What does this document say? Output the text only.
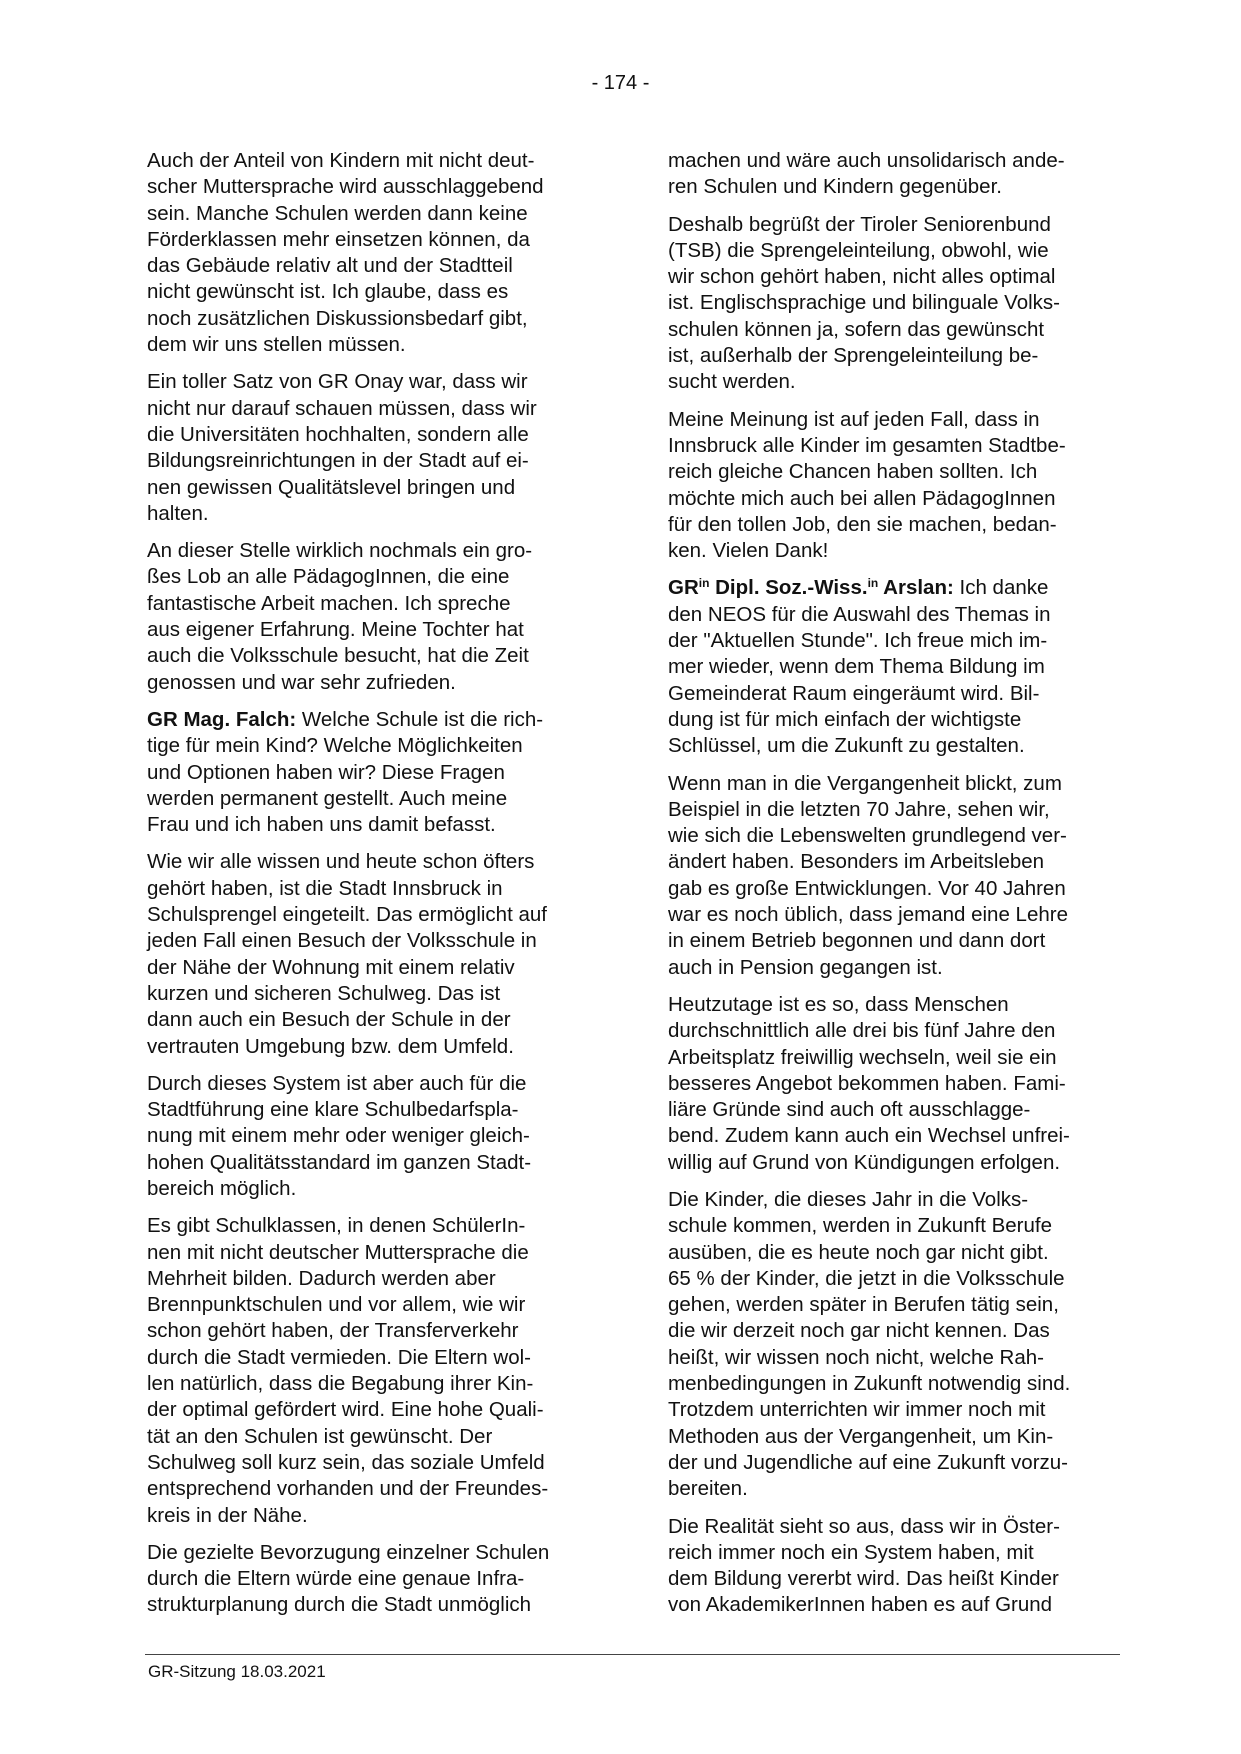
- 174 -

Auch der Anteil von Kindern mit nicht deut-
scher Muttersprache wird ausschlaggebend
sein. Manche Schulen werden dann keine
Förderklassen mehr einsetzen können, da
das Gebäude relativ alt und der Stadtteil
nicht gewünscht ist. Ich glaube, dass es
noch zusätzlichen Diskussionsbedarf gibt,
dem wir uns stellen müssen.

Ein toller Satz von GR Onay war, dass wir
nicht nur darauf schauen müssen, dass wir
die Universitäten hochhalten, sondern alle
Bildungsreinrichtungen in der Stadt auf ei-
nen gewissen Qualitätslevel bringen und
halten.

An dieser Stelle wirklich nochmals ein gro-
ßes Lob an alle PädagogInnen, die eine
fantastische Arbeit machen. Ich spreche
aus eigener Erfahrung. Meine Tochter hat
auch die Volksschule besucht, hat die Zeit
genossen und war sehr zufrieden.

GR Mag. Falch: Welche Schule ist die rich-
tige für mein Kind? Welche Möglichkeiten
und Optionen haben wir? Diese Fragen
werden permanent gestellt. Auch meine
Frau und ich haben uns damit befasst.

Wie wir alle wissen und heute schon öfters
gehört haben, ist die Stadt Innsbruck in
Schulsprengel eingeteilt. Das ermöglicht auf
jeden Fall einen Besuch der Volksschule in
der Nähe der Wohnung mit einem relativ
kurzen und sicheren Schulweg. Das ist
dann auch ein Besuch der Schule in der
vertrauten Umgebung bzw. dem Umfeld.

Durch dieses System ist aber auch für die
Stadtführung eine klare Schulbedarfspla-
nung mit einem mehr oder weniger gleich-
hohen Qualitätsstandard im ganzen Stadt-
bereich möglich.

Es gibt Schulklassen, in denen SchülerIn-
nen mit nicht deutscher Muttersprache die
Mehrheit bilden. Dadurch werden aber
Brennpunktschulen und vor allem, wie wir
schon gehört haben, der Transferverkehr
durch die Stadt vermieden. Die Eltern wol-
len natürlich, dass die Begabung ihrer Kin-
der optimal gefördert wird. Eine hohe Quali-
tät an den Schulen ist gewünscht. Der
Schulweg soll kurz sein, das soziale Umfeld
entsprechend vorhanden und der Freundes-
kreis in der Nähe.

Die gezielte Bevorzugung einzelner Schulen
durch die Eltern würde eine genaue Infra-
strukturplanung durch die Stadt unmöglich

machen und wäre auch unsolidarisch ande-
ren Schulen und Kindern gegenüber.

Deshalb begrüßt der Tiroler Seniorenbund
(TSB) die Sprengeleinteilung, obwohl, wie
wir schon gehört haben, nicht alles optimal
ist. Englischsprachige und bilinguale Volks-
schulen können ja, sofern das gewünscht
ist, außerhalb der Sprengeleinteilung be-
sucht werden.

Meine Meinung ist auf jeden Fall, dass in
Innsbruck alle Kinder im gesamten Stadtbe-
reich gleiche Chancen haben sollten. Ich
möchte mich auch bei allen PädagogInnen
für den tollen Job, den sie machen, bedan-
ken. Vielen Dank!

$GR^{in}$ Dipl. Soz.-Wiss.$^{in}$ Arslan: Ich danke
den NEOS für die Auswahl des Themas in
der "Aktuellen Stunde". Ich freue mich im-
mer wieder, wenn dem Thema Bildung im
Gemeinderat Raum eingeräumt wird. Bil-
dung ist für mich einfach der wichtigste
Schlüssel, um die Zukunft zu gestalten.

Wenn man in die Vergangenheit blickt, zum
Beispiel in die letzten 70 Jahre, sehen wir,
wie sich die Lebenswelten grundlegend ver-
ändert haben. Besonders im Arbeitsleben
gab es große Entwicklungen. Vor 40 Jahren
war es noch üblich, dass jemand eine Lehre
in einem Betrieb begonnen und dann dort
auch in Pension gegangen ist.

Heutzutage ist es so, dass Menschen
durchschnittlich alle drei bis fünf Jahre den
Arbeitsplatz freiwillig wechseln, weil sie ein
besseres Angebot bekommen haben. Fami-
liäre Gründe sind auch oft ausschlagge-
bend. Zudem kann auch ein Wechsel unfrei-
willig auf Grund von Kündigungen erfolgen.

Die Kinder, die dieses Jahr in die Volks-
schule kommen, werden in Zukunft Berufe
ausüben, die es heute noch gar nicht gibt.
65 % der Kinder, die jetzt in die Volksschule
gehen, werden später in Berufen tätig sein,
die wir derzeit noch gar nicht kennen. Das
heißt, wir wissen noch nicht, welche Rah-
menbedingungen in Zukunft notwendig sind.
Trotzdem unterrichten wir immer noch mit
Methoden aus der Vergangenheit, um Kin-
der und Jugendliche auf eine Zukunft vorzu-
bereiten.

Die Realität sieht so aus, dass wir in Öster-
reich immer noch ein System haben, mit
dem Bildung vererbt wird. Das heißt Kinder
von AkademikerInnen haben es auf Grund

GR-Sitzung 18.03.2021
